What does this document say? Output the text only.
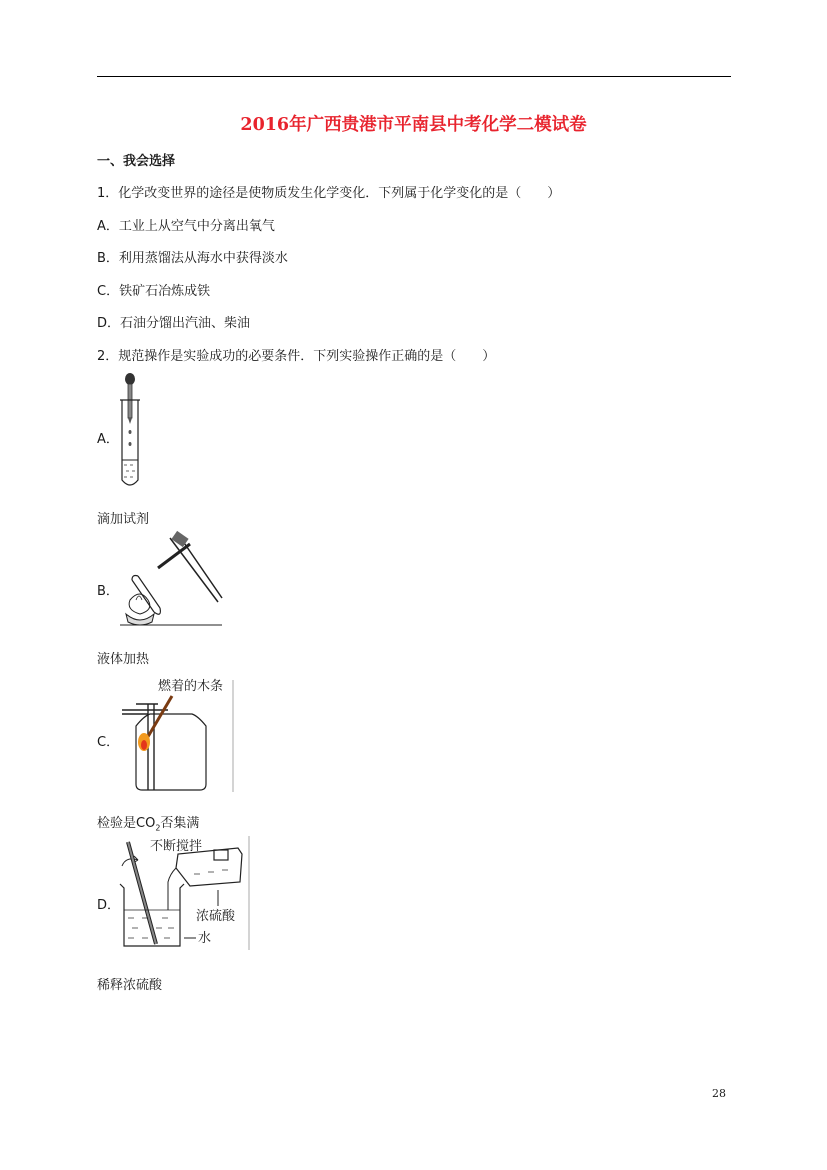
2016年广西贵港市平南县中考化学二模试卷
一、我会选择
1．化学改变世界的途径是使物质发生化学变化．下列属于化学变化的是（　　）
A．工业上从空气中分离出氧气
B．利用蒸馏法从海水中获得淡水
C．铁矿石冶炼成铁
D．石油分馏出汽油、柴油
2．规范操作是实验成功的必要条件．下列实验操作正确的是（　　）
A．
滴加试剂
B．
液体加热
C．
燃着的木条
检验是$CO_2$否集满
D．
不断搅拌
浓硫酸
水
稀释浓硫酸
28
